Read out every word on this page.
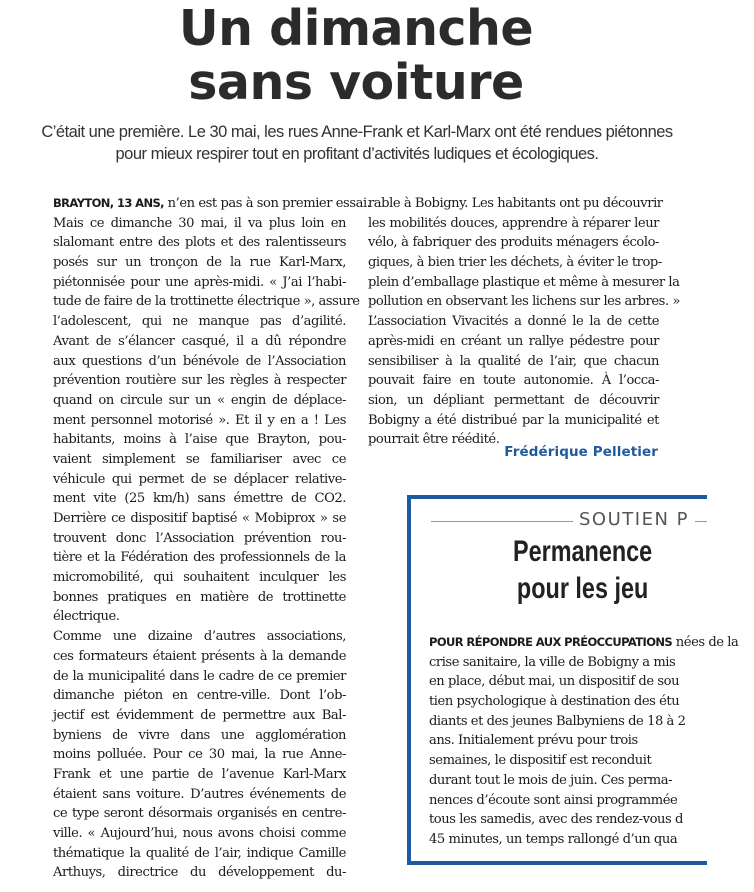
Un dimanche
sans voiture
C’était une première. Le 30 mai, les rues Anne-Frank et Karl-Marx ont été rendues piétonnes
pour mieux respirer tout en profitant d’activités ludiques et écologiques.
BRAYTON, 13 ANS, n’en est pas à son premier essai.
Mais ce dimanche 30 mai, il va plus loin en
slalomant entre des plots et des ralentisseurs
posés sur un tronçon de la rue Karl-Marx,
piétonnisée pour une après-midi. « J’ai l’habi-
tude de faire de la trottinette électrique », assure
l’adolescent, qui ne manque pas d’agilité.
Avant de s’élancer casqué, il a dû répondre
aux questions d’un bénévole de l’Association
prévention routière sur les règles à respecter
quand on circule sur un « engin de déplace-
ment personnel motorisé ». Et il y en a ! Les
habitants, moins à l’aise que Brayton, pou-
vaient simplement se familiariser avec ce
véhicule qui permet de se déplacer relative-
ment vite (25 km/h) sans émettre de CO2.
Derrière ce dispositif baptisé « Mobiprox » se
trouvent donc l’Association prévention rou-
tière et la Fédération des professionnels de la
micromobilité, qui souhaitent inculquer les
bonnes pratiques en matière de trottinette
électrique.
Comme une dizaine d’autres associations,
ces formateurs étaient présents à la demande
de la municipalité dans le cadre de ce premier
dimanche piéton en centre-ville. Dont l’ob-
jectif est évidemment de permettre aux Bal-
byniens de vivre dans une agglomération
moins polluée. Pour ce 30 mai, la rue Anne-
Frank et une partie de l’avenue Karl-Marx
étaient sans voiture. D’autres événements de
ce type seront désormais organisés en centre-
ville. « Aujourd’hui, nous avons choisi comme
thématique la qualité de l’air, indique Camille
Arthuys, directrice du développement du-
rable à Bobigny. Les habitants ont pu découvrir
les mobilités douces, apprendre à réparer leur
vélo, à fabriquer des produits ménagers écolo-
giques, à bien trier les déchets, à éviter le trop-
plein d’emballage plastique et même à mesurer la
pollution en observant les lichens sur les arbres. »
L’association Vivacités a donné le la de cette
après-midi en créant un rallye pédestre pour
sensibiliser à la qualité de l’air, que chacun
pouvait faire en toute autonomie. À l’occa-
sion, un dépliant permettant de découvrir
Bobigny a été distribué par la municipalité et
pourrait être réédité.
Frédérique Pelletier
SOUTIEN P
Permanence
pour les jeu
POUR RÉPONDRE AUX PRÉOCCUPATIONS nées de la
crise sanitaire, la ville de Bobigny a mis
en place, début mai, un dispositif de sou
tien psychologique à destination des étu
diants et des jeunes Balbyniens de 18 à 2
ans. Initialement prévu pour trois
semaines, le dispositif est reconduit
durant tout le mois de juin. Ces perma-
nences d’écoute sont ainsi programmée
tous les samedis, avec des rendez-vous d
45 minutes, un temps rallongé d’un qua
